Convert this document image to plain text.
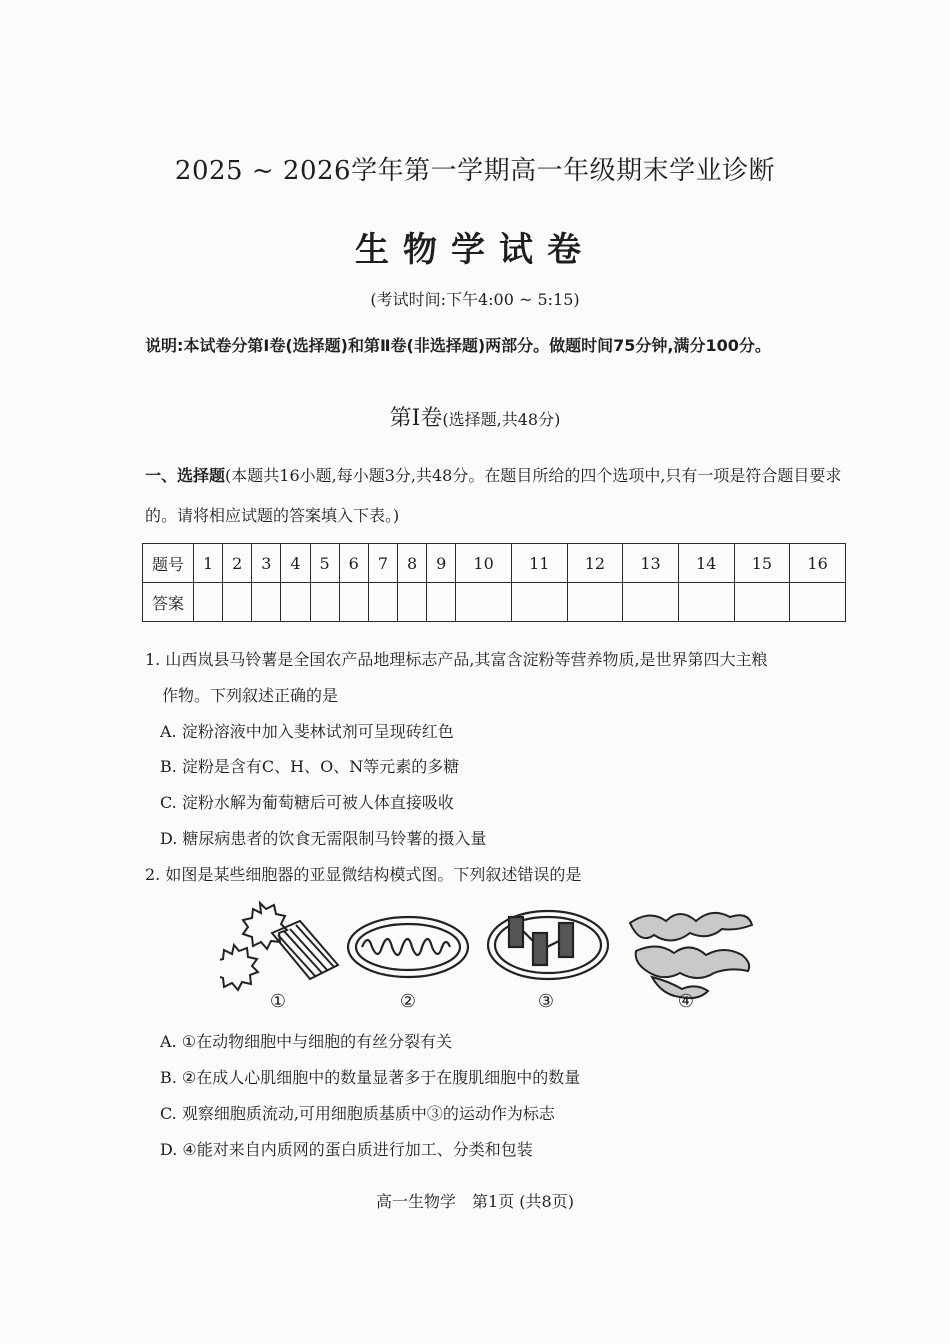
2025 ~ 2026学年第一学期高一年级期末学业诊断
生物学试卷
(考试时间:下午4:00 ~ 5:15)
说明:本试卷分第Ⅰ卷(选择题)和第Ⅱ卷(非选择题)两部分。做题时间75分钟,满分100分。
第Ⅰ卷(选择题,共48分)
一、选择题(本题共16小题,每小题3分,共48分。在题目所给的四个选项中,只有一项是符合题目要求的。请将相应试题的答案填入下表。)
题号	1	2	3	4	5	6	7	8	9	10	11	12	13	14	15	16
答案																
1. 山西岚县马铃薯是全国农产品地理标志产品,其富含淀粉等营养物质,是世界第四大主粮
作物。下列叙述正确的是
A. 淀粉溶液中加入斐林试剂可呈现砖红色
B. 淀粉是含有C、H、O、N等元素的多糖
C. 淀粉水解为葡萄糖后可被人体直接吸收
D. 糖尿病患者的饮食无需限制马铃薯的摄入量
2. 如图是某些细胞器的亚显微结构模式图。下列叙述错误的是
①	②	③	④
A. ①在动物细胞中与细胞的有丝分裂有关
B. ②在成人心肌细胞中的数量显著多于在腹肌细胞中的数量
C. 观察细胞质流动,可用细胞质基质中③的运动作为标志
D. ④能对来自内质网的蛋白质进行加工、分类和包装
高一生物学　第1页 (共8页)
